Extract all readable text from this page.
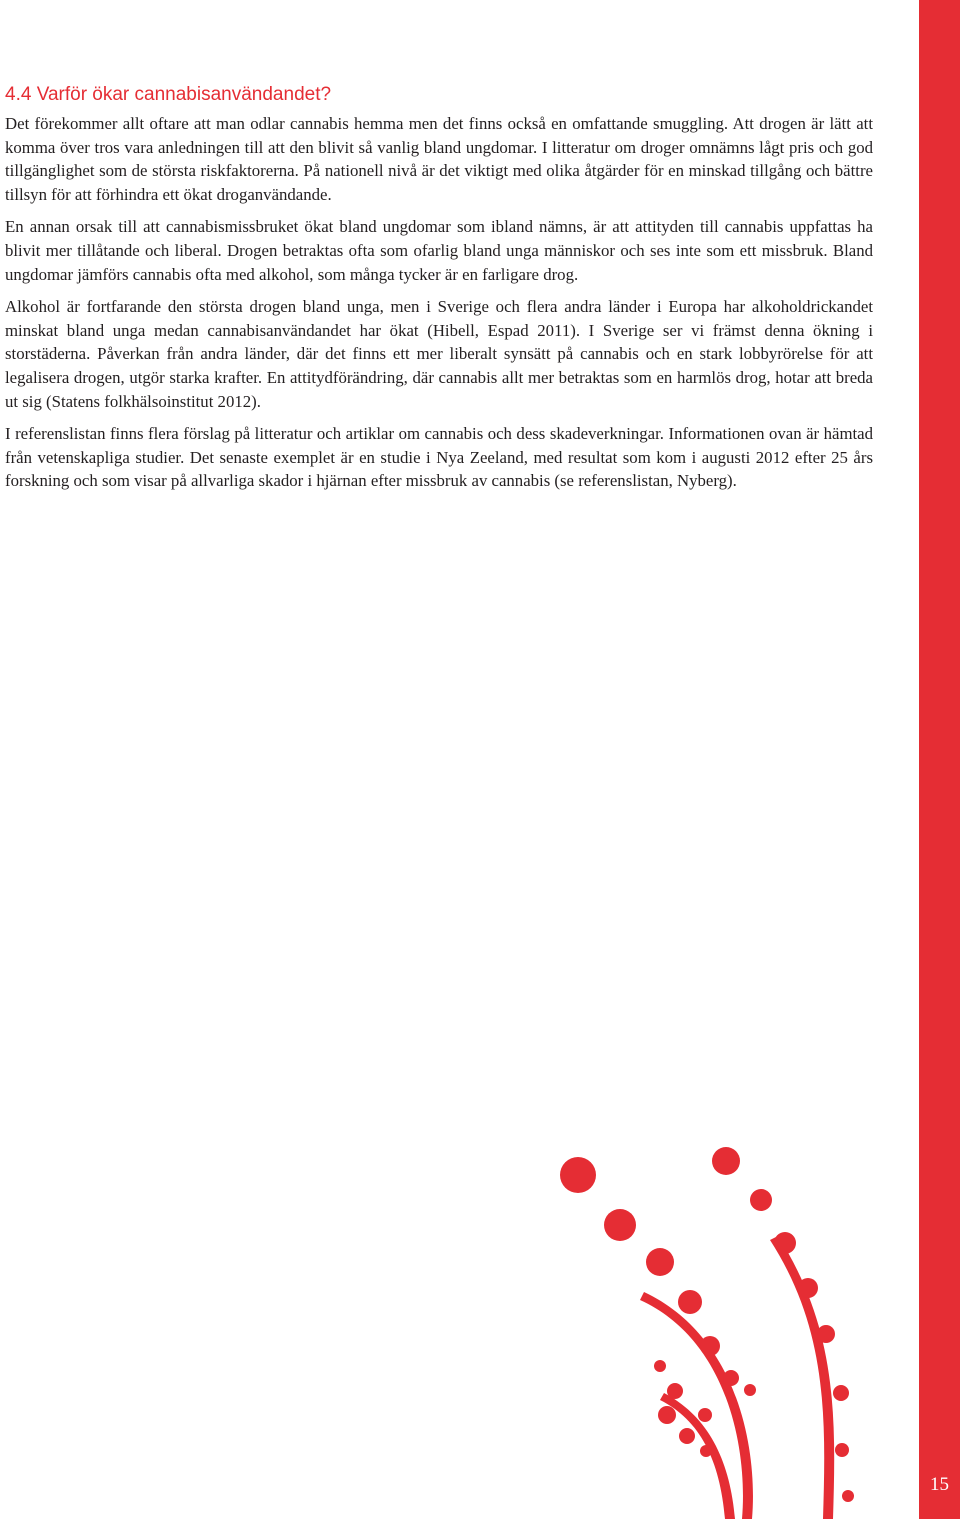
4.4 Varför ökar cannabisanvändandet?

Det förekommer allt oftare att man odlar cannabis hemma men det finns också en omfattande smuggling. Att drogen är lätt att komma över tros vara anledningen till att den blivit så vanlig bland ungdomar. I litteratur om droger omnämns lågt pris och god tillgänglighet som de största riskfaktorerna. På nationell nivå är det viktigt med olika åtgärder för en minskad tillgång och bättre tillsyn för att förhindra ett ökat droganvändande.

En annan orsak till att cannabismissbruket ökat bland ungdomar som ibland nämns, är att attityden till cannabis uppfattas ha blivit mer tillåtande och liberal. Drogen betraktas ofta som ofarlig bland unga människor och ses inte som ett missbruk. Bland ungdomar jämförs cannabis ofta med alkohol, som många tycker är en farligare drog.

Alkohol är fortfarande den största drogen bland unga, men i Sverige och flera andra länder i Europa har alkoholdrickandet minskat bland unga medan cannabisanvändandet har ökat (Hibell, Espad 2011). I Sverige ser vi främst denna ökning i storstäderna. Påverkan från andra länder, där det finns ett mer liberalt synsätt på cannabis och en stark lobbyrörelse för att legalisera drogen, utgör starka krafter. En attitydförändring, där cannabis allt mer betraktas som en harmlös drog, hotar att breda ut sig (Statens folkhälsoinstitut 2012).

I referenslistan finns flera förslag på litteratur och artiklar om cannabis och dess skadeverkningar. Informationen ovan är hämtad från vetenskapliga studier. Det senaste exemplet är en studie i Nya Zeeland, med resultat som kom i augusti 2012 efter 25 års forskning och som visar på allvarliga skador i hjärnan efter missbruk av cannabis (se referenslistan, Nyberg).

15
